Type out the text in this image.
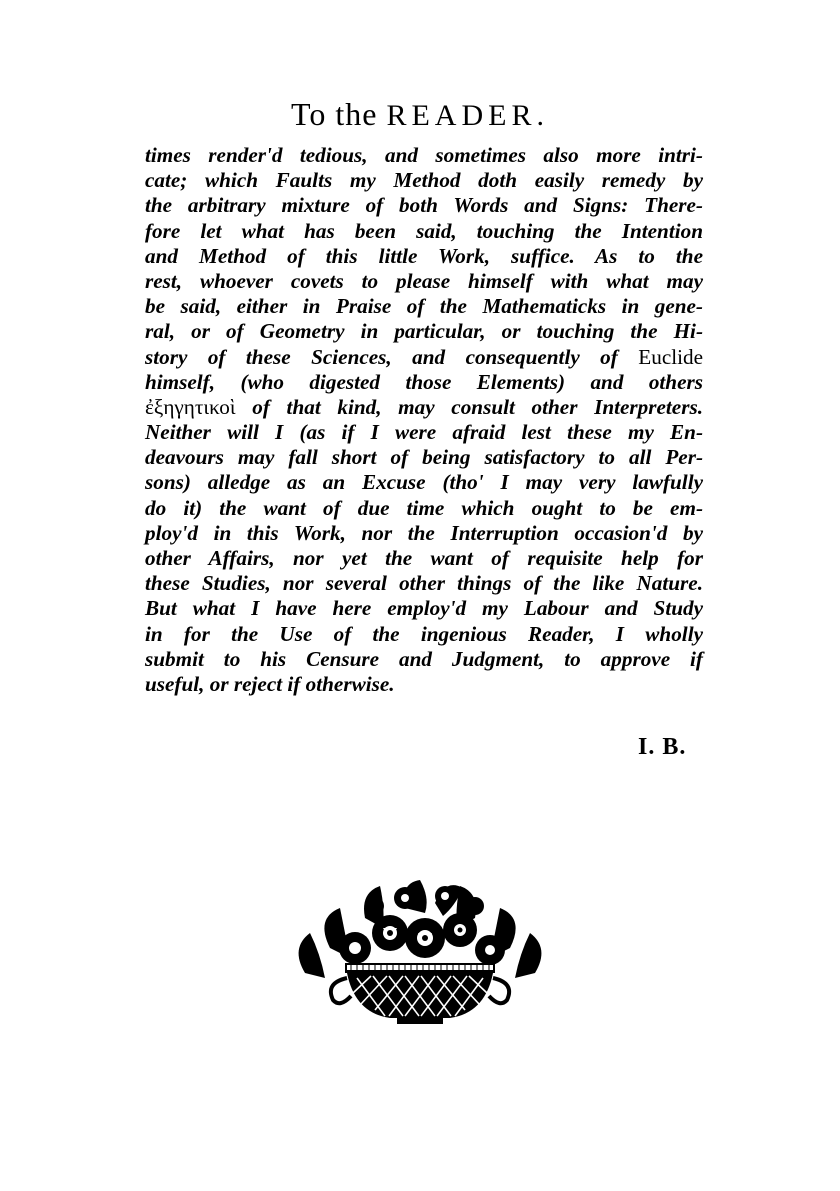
To the READER.
times render'd tedious, and sometimes also more intri-
cate; which Faults my Method doth easily remedy by
the arbitrary mixture of both Words and Signs: There-
fore let what has been said, touching the Intention
and Method of this little Work, suffice. As to the
rest, whoever covets to please himself with what may
be said, either in Praise of the Mathematicks in gene-
ral, or of Geometry in particular, or touching the Hi-
story of these Sciences, and consequently of Euclide
himself, (who digested those Elements) and others
ἐξηγητικοὶ of that kind, may consult other Interpreters.
Neither will I (as if I were afraid lest these my En-
deavours may fall short of being satisfactory to all Per-
sons) alledge as an Excuse (tho' I may very lawfully
do it) the want of due time which ought to be em-
ploy'd in this Work, nor the Interruption occasion'd by
other Affairs, nor yet the want of requisite help for
these Studies, nor several other things of the like Nature.
But what I have here employ'd my Labour and Study
in for the Use of the ingenious Reader, I wholly
submit to his Censure and Judgment, to approve if
useful, or reject if otherwise.
I. B.
